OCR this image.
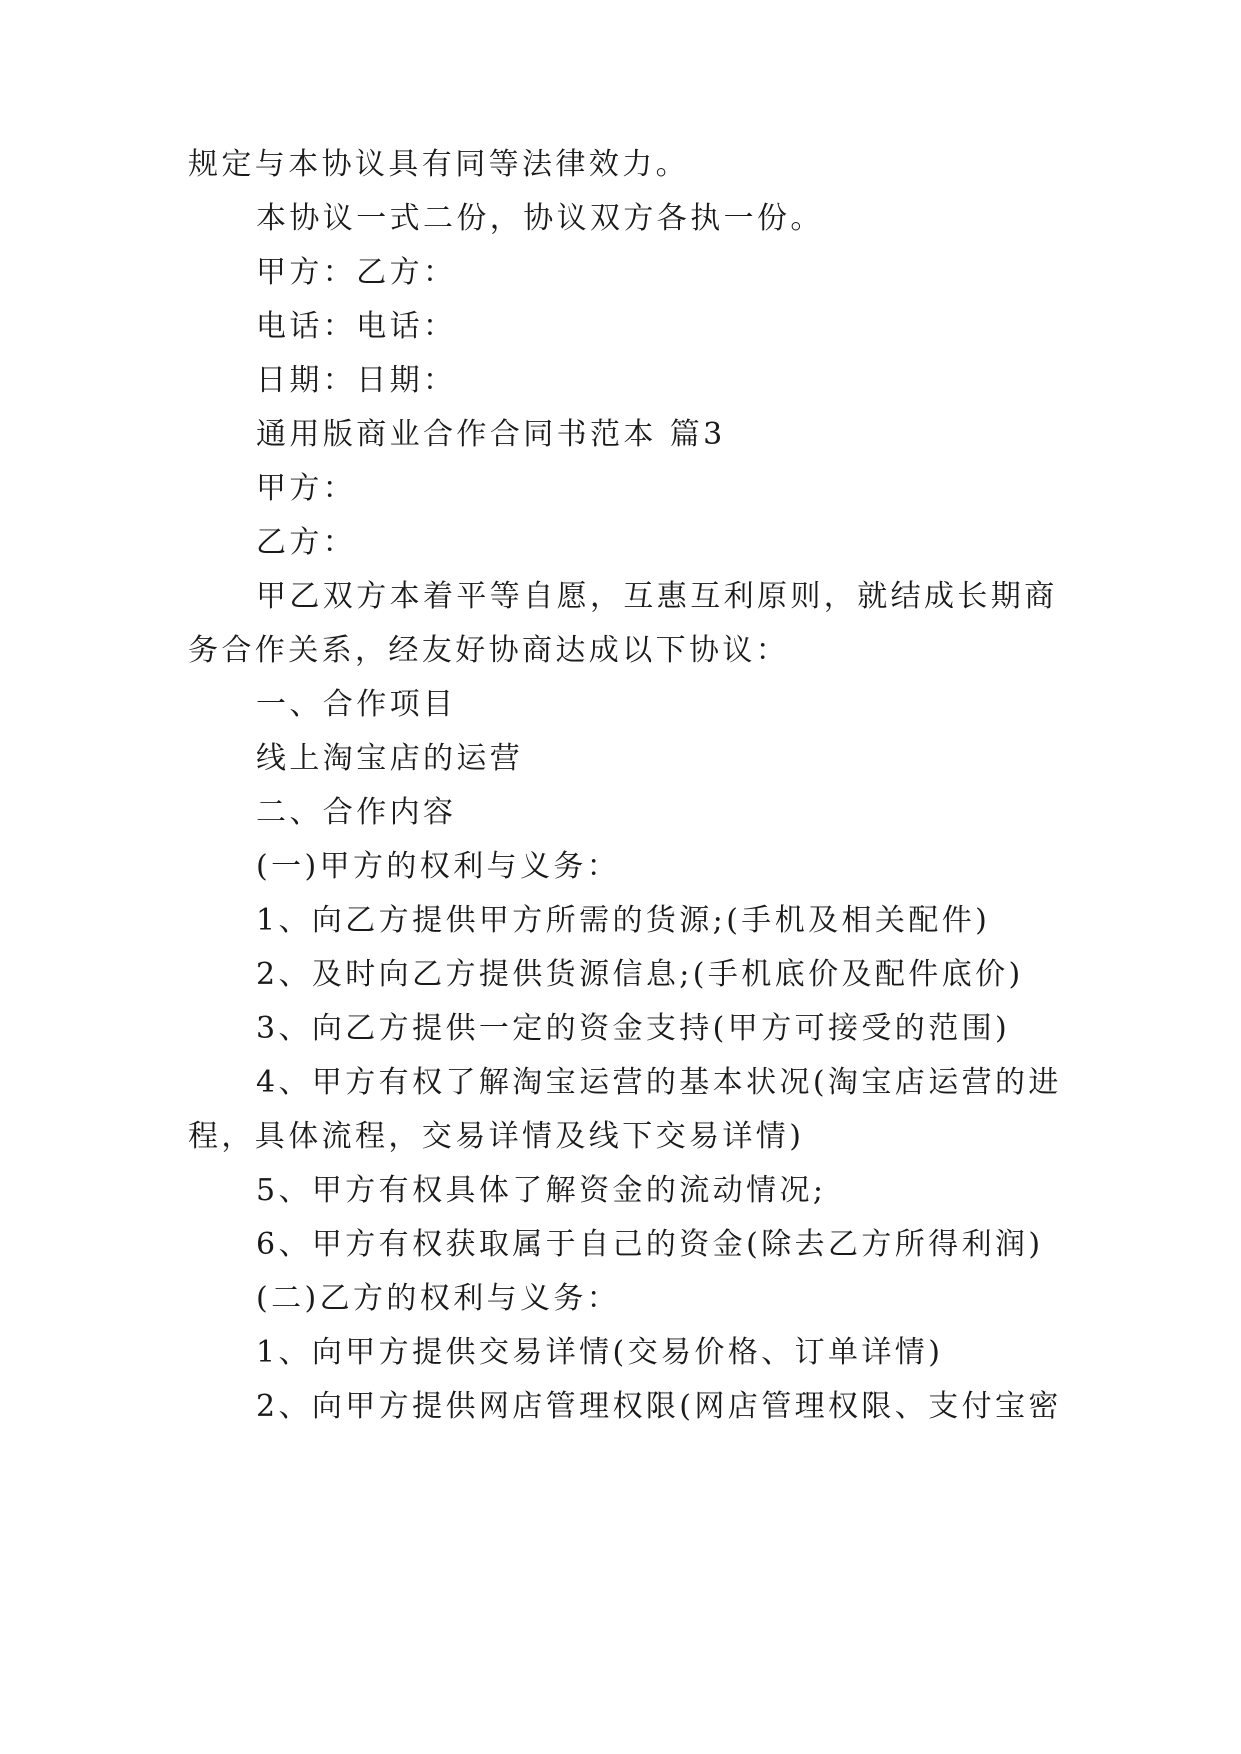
规定与本协议具有同等法律效力。
本协议一式二份，协议双方各执一份。
甲方：乙方：
电话：电话：
日期：日期：
通用版商业合作合同书范本 篇3
甲方：
乙方：
甲乙双方本着平等自愿，互惠互利原则，就结成长期商
务合作关系，经友好协商达成以下协议：
一、合作项目
线上淘宝店的运营
二、合作内容
(一)甲方的权利与义务：
1、向乙方提供甲方所需的货源;(手机及相关配件)
2、及时向乙方提供货源信息;(手机底价及配件底价)
3、向乙方提供一定的资金支持(甲方可接受的范围)
4、甲方有权了解淘宝运营的基本状况(淘宝店运营的进
程，具体流程，交易详情及线下交易详情)
5、甲方有权具体了解资金的流动情况;
6、甲方有权获取属于自己的资金(除去乙方所得利润)
(二)乙方的权利与义务：
1、向甲方提供交易详情(交易价格、订单详情)
2、向甲方提供网店管理权限(网店管理权限、支付宝密
